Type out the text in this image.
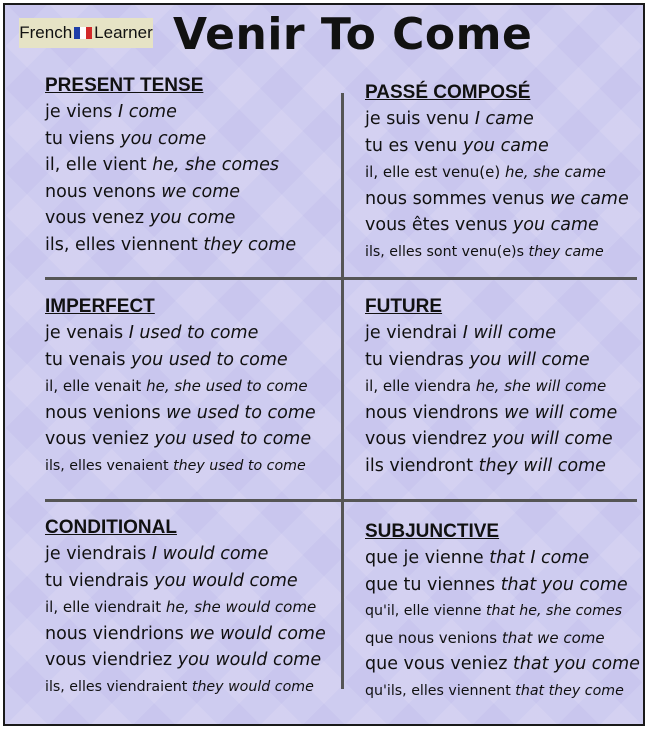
French Learner Venir To Come
PRESENT TENSE
je viens I come
tu viens you come
il, elle vient he, she comes
nous venons we come
vous venez you come
ils, elles viennent they come
PASSÉ COMPOSÉ
je suis venu I came
tu es venu you came
il, elle est venu(e) he, she came
nous sommes venus we came
vous êtes venus you came
ils, elles sont venu(e)s they came
IMPERFECT
je venais I used to come
tu venais you used to come
il, elle venait he, she used to come
nous venions we used to come
vous veniez you used to come
ils, elles venaient they used to come
FUTURE
je viendrai I will come
tu viendras you will come
il, elle viendra he, she will come
nous viendrons we will come
vous viendrez you will come
ils viendront they will come
CONDITIONAL
je viendrais I would come
tu viendrais you would come
il, elle viendrait he, she would come
nous viendrions we would come
vous viendriez you would come
ils, elles viendraient they would come
SUBJUNCTIVE
que je vienne that I come
que tu viennes that you come
qu'il, elle vienne that he, she comes
que nous venions that we come
que vous veniez that you come
qu'ils, elles viennent that they come
